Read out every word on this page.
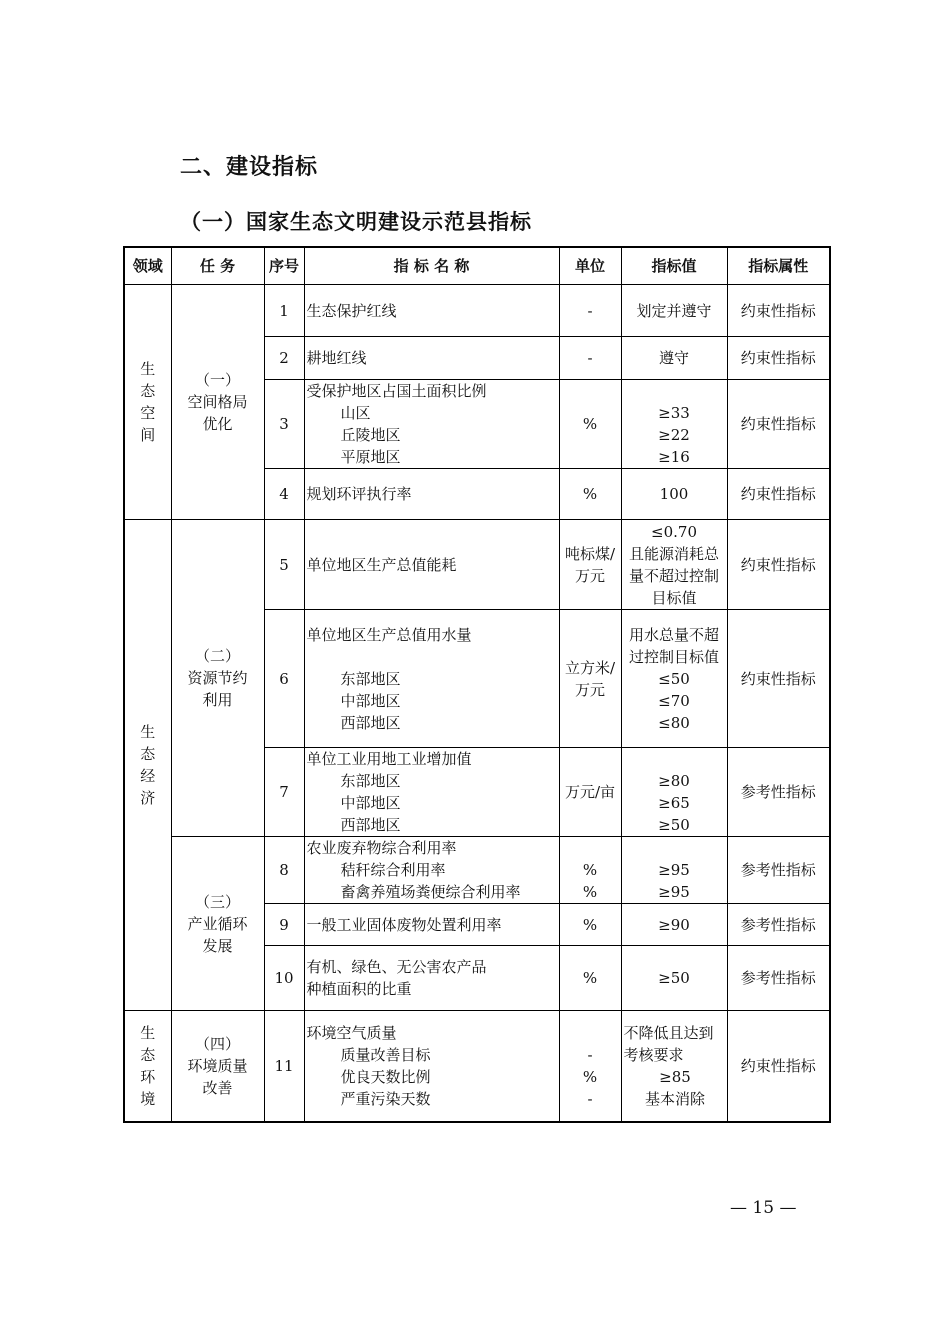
二、建设指标
（一）国家生态文明建设示范县指标
领域	任 务	序号	指 标 名 称	单位	指标值	指标属性

生
态
空
间	（一）
空间格局
优化	1	生态保护红线	-	划定并遵守	约束性指标
		2	耕地红线	-	遵守	约束性指标
		3	受保护地区占国土面积比例
山区
丘陵地区
平原地区	%	≥33
≥22
≥16	约束性指标
		4	规划环评执行率	%	100	约束性指标

生
态
经
济	（二）
资源节约
利用	5	单位地区生产总值能耗	吨标煤/
万元	≤0.70
且能源消耗总
量不超过控制
目标值	约束性指标
		6	单位地区生产总值用水量

东部地区
中部地区
西部地区	立方米/
万元	用水总量不超
过控制目标值
≤50
≤70
≤80	约束性指标
		7	单位工业用地工业增加值
东部地区
中部地区
西部地区	万元/亩	≥80
≥65
≥50	参考性指标

	（三）
产业循环
发展	8	农业废弃物综合利用率
秸秆综合利用率
畜禽养殖场粪便综合利用率	%
%	≥95
≥95	参考性指标
		9	一般工业固体废物处置利用率	%	≥90	参考性指标
		10	有机、绿色、无公害农产品
种植面积的比重	%	≥50	参考性指标

生
态
环
境	（四）
环境质量
改善	11	环境空气质量
质量改善目标
优良天数比例
严重污染天数	-
%
-	不降低且达到
考核要求
≥85
基本消除	约束性指标
— 15 —
